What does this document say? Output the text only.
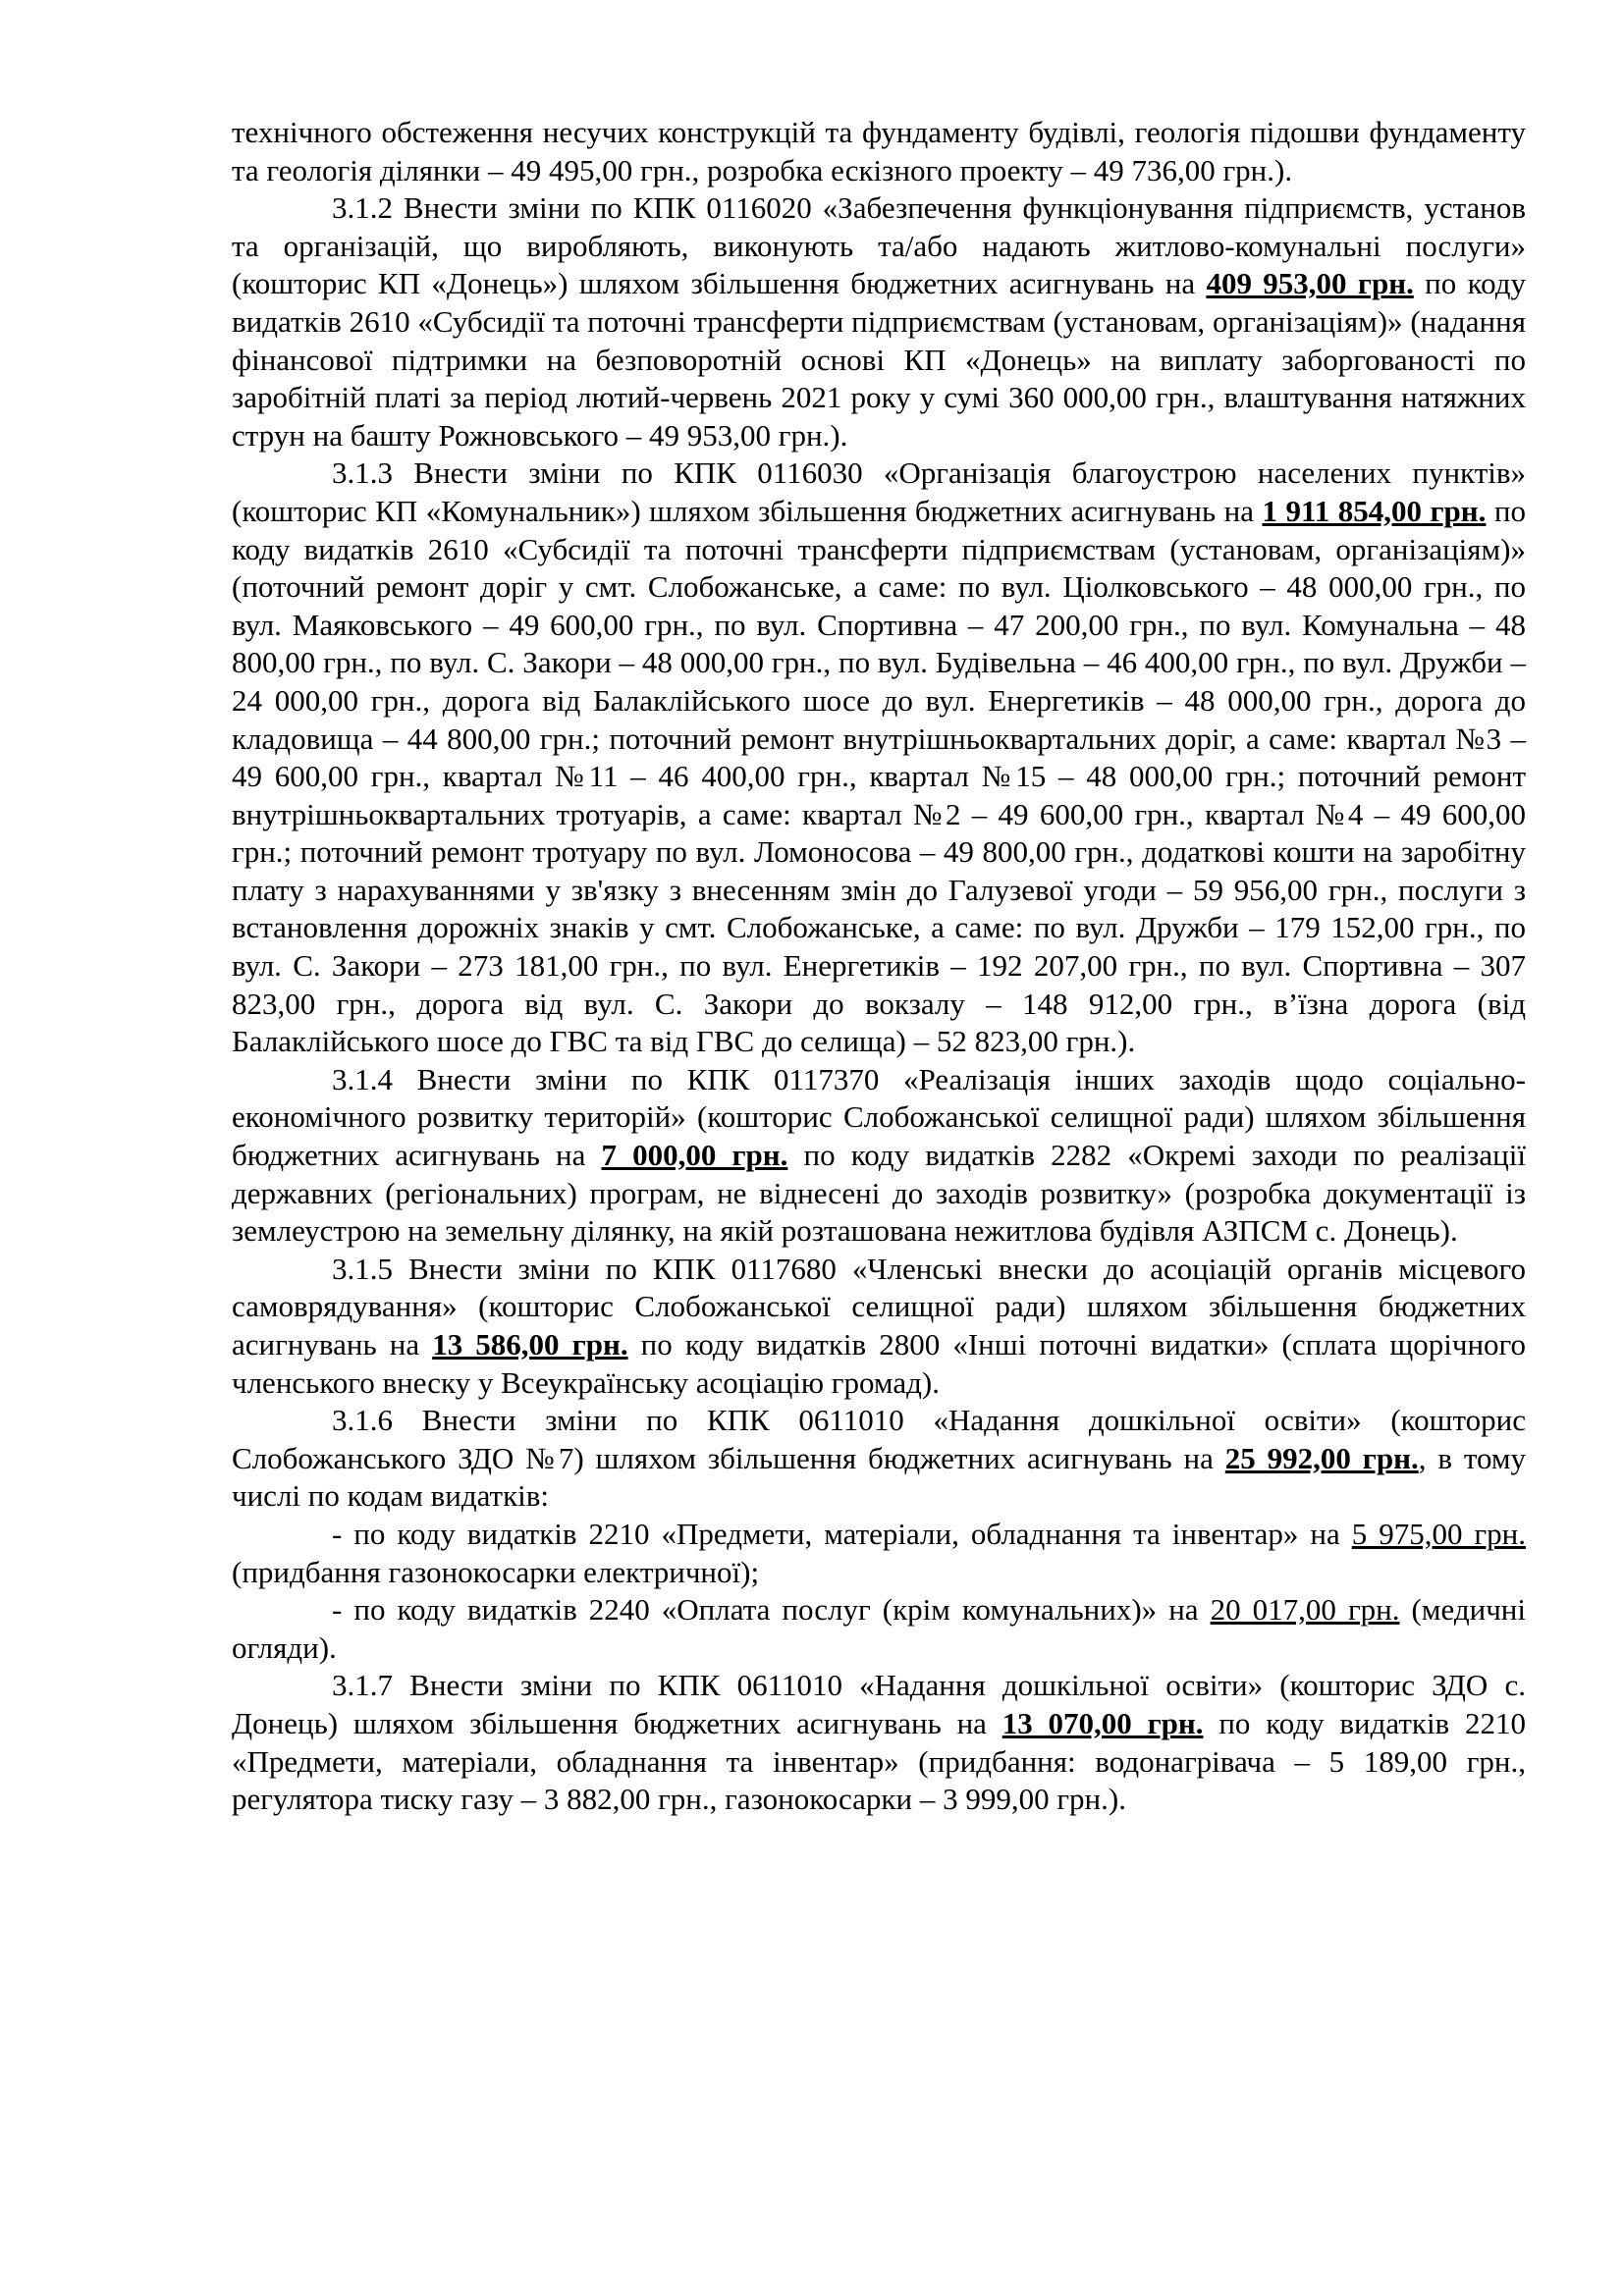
технічного обстеження несучих конструкцій та фундаменту будівлі, геологія підошви фундаменту та геологія ділянки – 49 495,00 грн., розробка ескізного проекту – 49 736,00 грн.).

3.1.2 Внести зміни по КПК 0116020 «Забезпечення функціонування підприємств, установ та організацій, що виробляють, виконують та/або надають житлово-комунальні послуги» (кошторис КП «Донець») шляхом збільшення бюджетних асигнувань на 409 953,00 грн. по коду видатків 2610 «Субсидії та поточні трансферти підприємствам (установам, організаціям)» (надання фінансової підтримки на безповоротній основі КП «Донець» на виплату заборгованості по заробітній платі за період лютий-червень 2021 року у сумі 360 000,00 грн., влаштування натяжних струн на башту Рожновського – 49 953,00 грн.).

3.1.3 Внести зміни по КПК 0116030 «Організація благоустрою населених пунктів» (кошторис КП «Комунальник») шляхом збільшення бюджетних асигнувань на 1 911 854,00 грн. по коду видатків 2610 «Субсидії та поточні трансферти підприємствам (установам, організаціям)» (поточний ремонт доріг у смт. Слобожанське, а саме: по вул. Ціолковського – 48 000,00 грн., по вул. Маяковського – 49 600,00 грн., по вул. Спортивна – 47 200,00 грн., по вул. Комунальна – 48 800,00 грн., по вул. С. Закори – 48 000,00 грн., по вул. Будівельна – 46 400,00 грн., по вул. Дружби – 24 000,00 грн., дорога від Балаклійського шосе до вул. Енергетиків – 48 000,00 грн., дорога до кладовища – 44 800,00 грн.; поточний ремонт внутрішньоквартальних доріг, а саме: квартал №3 – 49 600,00 грн., квартал №11 – 46 400,00 грн., квартал №15 – 48 000,00 грн.; поточний ремонт внутрішньоквартальних тротуарів, а саме: квартал №2 – 49 600,00 грн., квартал №4 – 49 600,00 грн.; поточний ремонт тротуару по вул. Ломоносова – 49 800,00 грн., додаткові кошти на заробітну плату з нарахуваннями у зв'язку з внесенням змін до Галузевої угоди – 59 956,00 грн., послуги з встановлення дорожніх знаків у смт. Слобожанське, а саме: по вул. Дружби – 179 152,00 грн., по вул. С. Закори – 273 181,00 грн., по вул. Енергетиків – 192 207,00 грн., по вул. Спортивна – 307 823,00 грн., дорога від вул. С. Закори до вокзалу – 148 912,00 грн., в’їзна дорога (від Балаклійського шосе до ГВС та від ГВС до селища) – 52 823,00 грн.).

3.1.4 Внести зміни по КПК 0117370 «Реалізація інших заходів щодо соціально-економічного розвитку територій» (кошторис Слобожанської селищної ради) шляхом збільшення бюджетних асигнувань на 7 000,00 грн. по коду видатків 2282 «Окремі заходи по реалізації державних (регіональних) програм, не віднесені до заходів розвитку» (розробка документації із землеустрою на земельну ділянку, на якій розташована нежитлова будівля АЗПСМ с. Донець).

3.1.5 Внести зміни по КПК 0117680 «Членські внески до асоціацій органів місцевого самоврядування» (кошторис Слобожанської селищної ради) шляхом збільшення бюджетних асигнувань на 13 586,00 грн. по коду видатків 2800 «Інші поточні видатки» (сплата щорічного членського внеску у Всеукраїнську асоціацію громад).

3.1.6 Внести зміни по КПК 0611010 «Надання дошкільної освіти» (кошторис Слобожанського ЗДО №7) шляхом збільшення бюджетних асигнувань на 25 992,00 грн., в тому числі по кодам видатків:

- по коду видатків 2210 «Предмети, матеріали, обладнання та інвентар» на 5 975,00 грн. (придбання газонокосарки електричної);

- по коду видатків 2240 «Оплата послуг (крім комунальних)» на 20 017,00 грн. (медичні огляди).

3.1.7 Внести зміни по КПК 0611010 «Надання дошкільної освіти» (кошторис ЗДО с. Донець) шляхом збільшення бюджетних асигнувань на 13 070,00 грн. по коду видатків 2210 «Предмети, матеріали, обладнання та інвентар» (придбання: водонагрівача – 5 189,00 грн., регулятора тиску газу – 3 882,00 грн., газонокосарки – 3 999,00 грн.).
